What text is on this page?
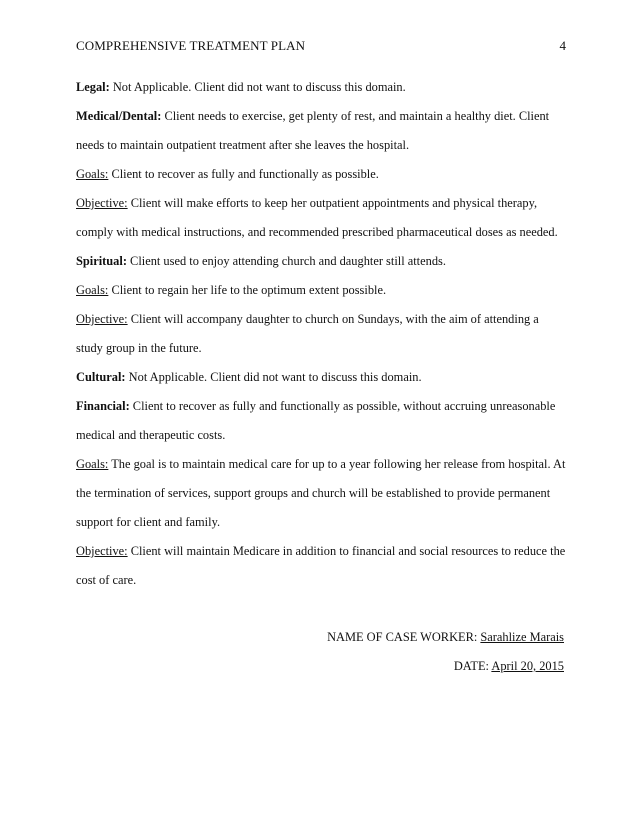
COMPREHENSIVE TREATMENT PLAN	4

Legal: Not Applicable. Client did not want to discuss this domain.

Medical/Dental: Client needs to exercise, get plenty of rest, and maintain a healthy diet. Client needs to maintain outpatient treatment after she leaves the hospital.

Goals: Client to recover as fully and functionally as possible.

Objective: Client will make efforts to keep her outpatient appointments and physical therapy, comply with medical instructions, and recommended prescribed pharmaceutical doses as needed.

Spiritual: Client used to enjoy attending church and daughter still attends.

Goals: Client to regain her life to the optimum extent possible.

Objective: Client will accompany daughter to church on Sundays, with the aim of attending a study group in the future.

Cultural: Not Applicable. Client did not want to discuss this domain.

Financial: Client to recover as fully and functionally as possible, without accruing unreasonable medical and therapeutic costs.

Goals: The goal is to maintain medical care for up to a year following her release from hospital. At the termination of services, support groups and church will be established to provide permanent support for client and family.

Objective: Client will maintain Medicare in addition to financial and social resources to reduce the cost of care.

NAME OF CASE WORKER: Sarahlize Marais
DATE: April 20, 2015
